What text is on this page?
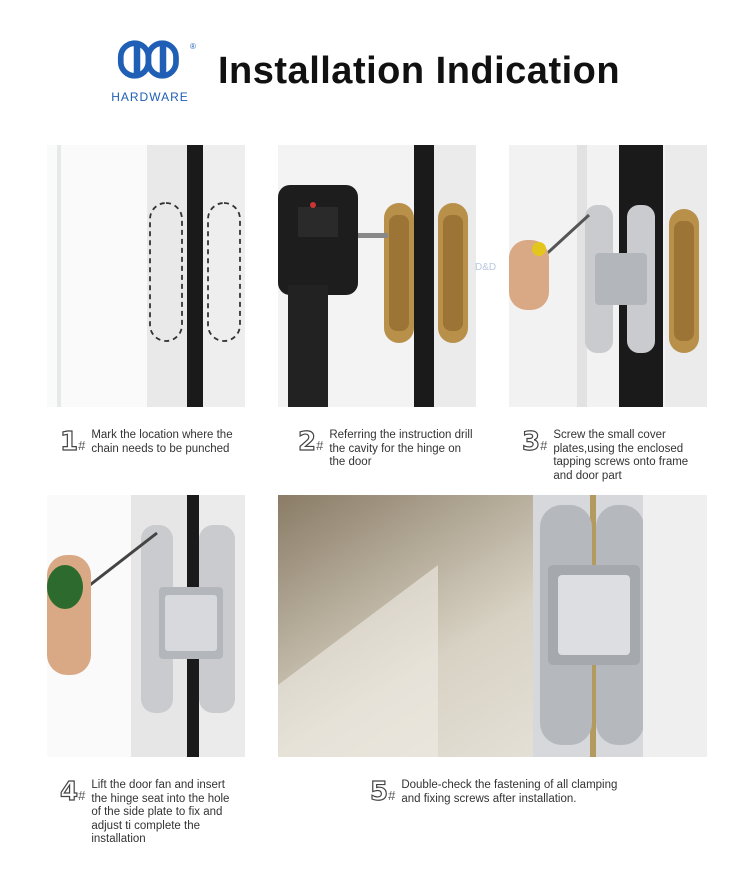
®
HARDWARE
Installation Indication
D&D
1 #
Mark the location where the chain needs to be punched	2 #
Referring the instruction drill the cavity for the hinge on the door
3 #
Screw the small cover plates,using the enclosed tapping screws onto frame and door part
4 #
Lift the door fan and insert the hinge seat into the hole of the side plate to fix and adjust ti complete the installation
5 #
Double-check the fastening of all clamping and fixing screws after installation.
